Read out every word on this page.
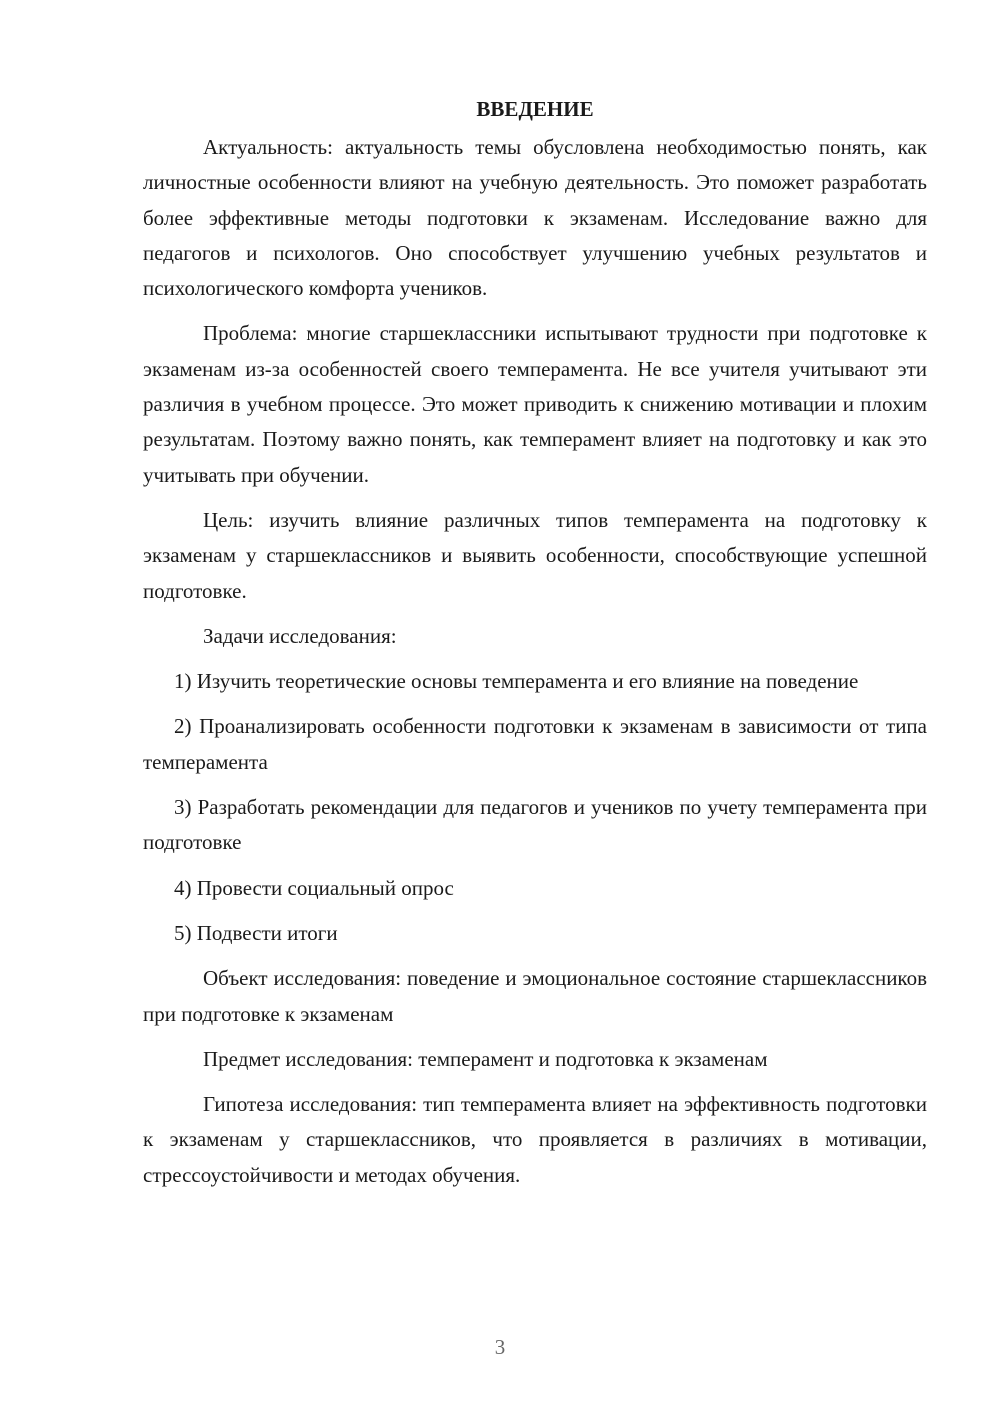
ВВЕДЕНИЕ

Актуальность: актуальность темы обусловлена необходимостью понять, как личностные особенности влияют на учебную деятельность. Это поможет разработать более эффективные методы подготовки к экзаменам. Исследование важно для педагогов и психологов. Оно способствует улучшению учебных результатов и психологического комфорта учеников.

Проблема: многие старшеклассники испытывают трудности при подготовке к экзаменам из-за особенностей своего темперамента. Не все учителя учитывают эти различия в учебном процессе. Это может приводить к снижению мотивации и плохим результатам. Поэтому важно понять, как темперамент влияет на подготовку и как это учитывать при обучении.

Цель: изучить влияние различных типов темперамента на подготовку к экзаменам у старшеклассников и выявить особенности, способствующие успешной подготовке.

Задачи исследования:

1) Изучить теоретические основы темперамента и его влияние на поведение

2) Проанализировать особенности подготовки к экзаменам в зависимости от типа темперамента

3) Разработать рекомендации для педагогов и учеников по учету темперамента при подготовке

4) Провести социальный опрос

5) Подвести итоги

Объект исследования: поведение и эмоциональное состояние старшеклассников при подготовке к экзаменам

Предмет исследования: темперамент и подготовка к экзаменам

Гипотеза исследования: тип темперамента влияет на эффективность подготовки к экзаменам у старшеклассников, что проявляется в различиях в мотивации, стрессоустойчивости и методах обучения.

3
